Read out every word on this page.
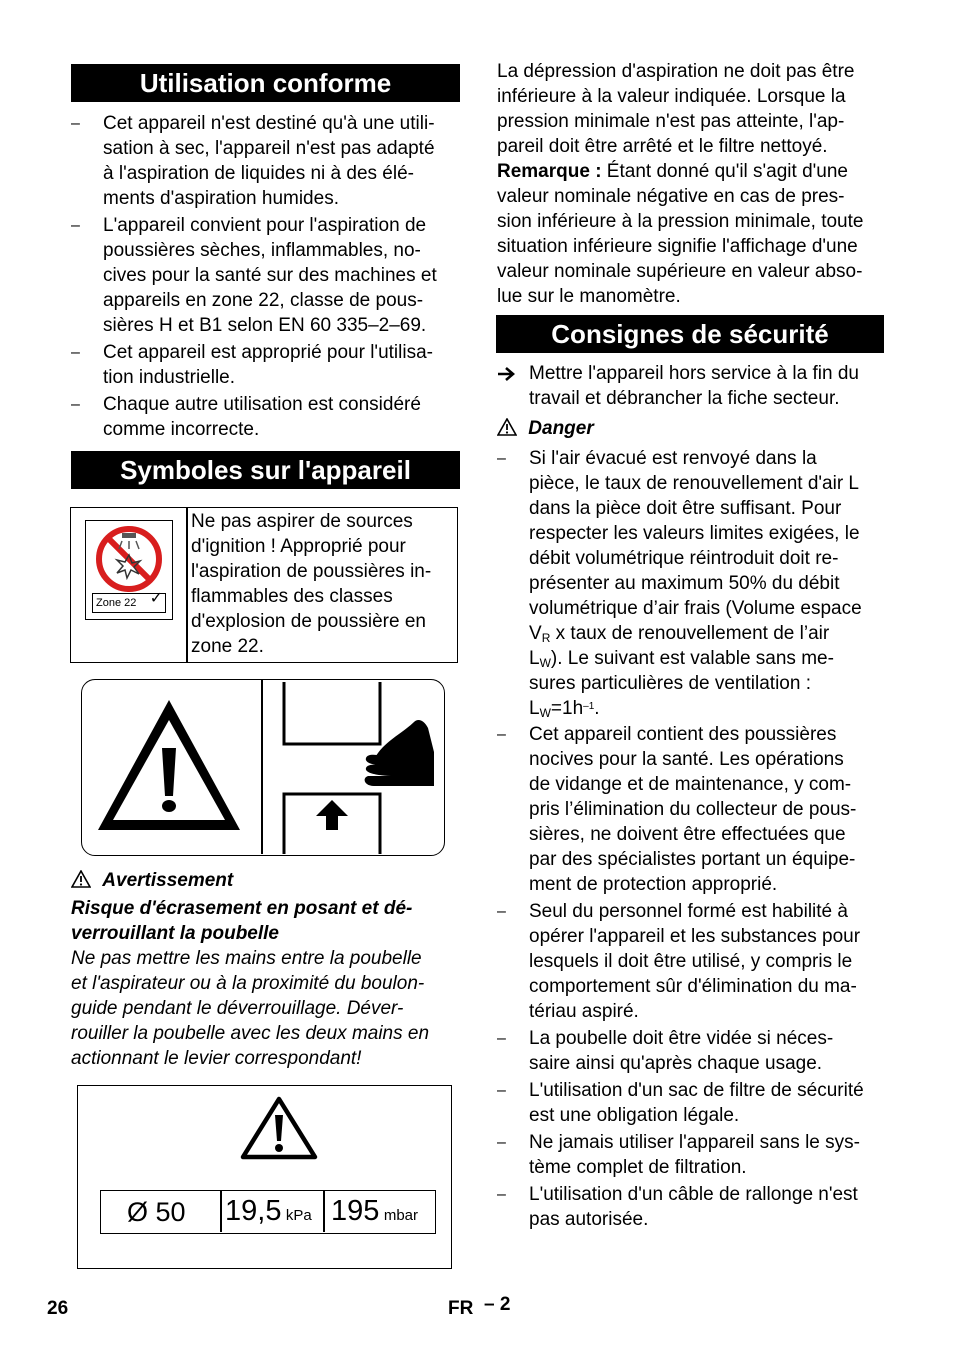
Utilisation conforme
– Cet appareil n'est destiné qu'à une utili-
sation à sec, l'appareil n'est pas adapté
à l'aspiration de liquides ni à des élé-
ments d'aspiration humides.
– L'appareil convient pour l'aspiration de
poussières sèches, inflammables, no-
cives pour la santé sur des machines et
appareils en zone 22, classe de pous-
sières H et B1 selon EN 60 335–2–69.
– Cet appareil est approprié pour l'utilisa-
tion industrielle.
– Chaque autre utilisation est considéré
comme incorrecte.
Symboles sur l'appareil
Zone 22 ✓
Ne pas aspirer de sources
d'ignition ! Approprié pour
l'aspiration de poussières in-
flammables des classes
d'explosion de poussière en
zone 22.
Avertissement
Risque d'écrasement en posant et dé-
verrouillant la poubelle
Ne pas mettre les mains entre la poubelle
et l'aspirateur ou à la proximité du boulon-
guide pendant le déverrouillage. Déver-
rouiller la poubelle avec les deux mains en
actionnant le levier correspondant!
Ø 50 19,5 kPa 195 mbar
La dépression d'aspiration ne doit pas être
inférieure à la valeur indiquée. Lorsque la
pression minimale n'est pas atteinte, l'ap-
pareil doit être arrêté et le filtre nettoyé.
Remarque : Étant donné qu'il s'agit d'une
valeur nominale négative en cas de pres-
sion inférieure à la pression minimale, toute
situation inférieure signifie l'affichage d'une
valeur nominale supérieure en valeur abso-
lue sur le manomètre.
Consignes de sécurité
Mettre l'appareil hors service à la fin du
travail et débrancher la fiche secteur.
Danger
– Si l'air évacué est renvoyé dans la
pièce, le taux de renouvellement d'air L
dans la pièce doit être suffisant. Pour
respecter les valeurs limites exigées, le
débit volumétrique réintroduit doit re-
présenter au maximum 50% du débit
volumétrique d’air frais (Volume espace
$V_R$ x taux de renouvellement de l’air
$L_W$). Le suivant est valable sans me-
sures particulières de ventilation :
$L_W=1h^{-1}$.
– Cet appareil contient des poussières
nocives pour la santé. Les opérations
de vidange et de maintenance, y com-
pris l’élimination du collecteur de pous-
sières, ne doivent être effectuées que
par des spécialistes portant un équipe-
ment de protection approprié.
– Seul du personnel formé est habilité à
opérer l'appareil et les substances pour
lesquels il doit être utilisé, y compris le
comportement sûr d'élimination du ma-
tériau aspiré.
– La poubelle doit être vidée si néces-
saire ainsi qu'après chaque usage.
– L'utilisation d'un sac de filtre de sécurité
est une obligation légale.
– Ne jamais utiliser l'appareil sans le sys-
tème complet de filtration.
– L'utilisation d'un câble de rallonge n'est
pas autorisée.
26	FR – 2
